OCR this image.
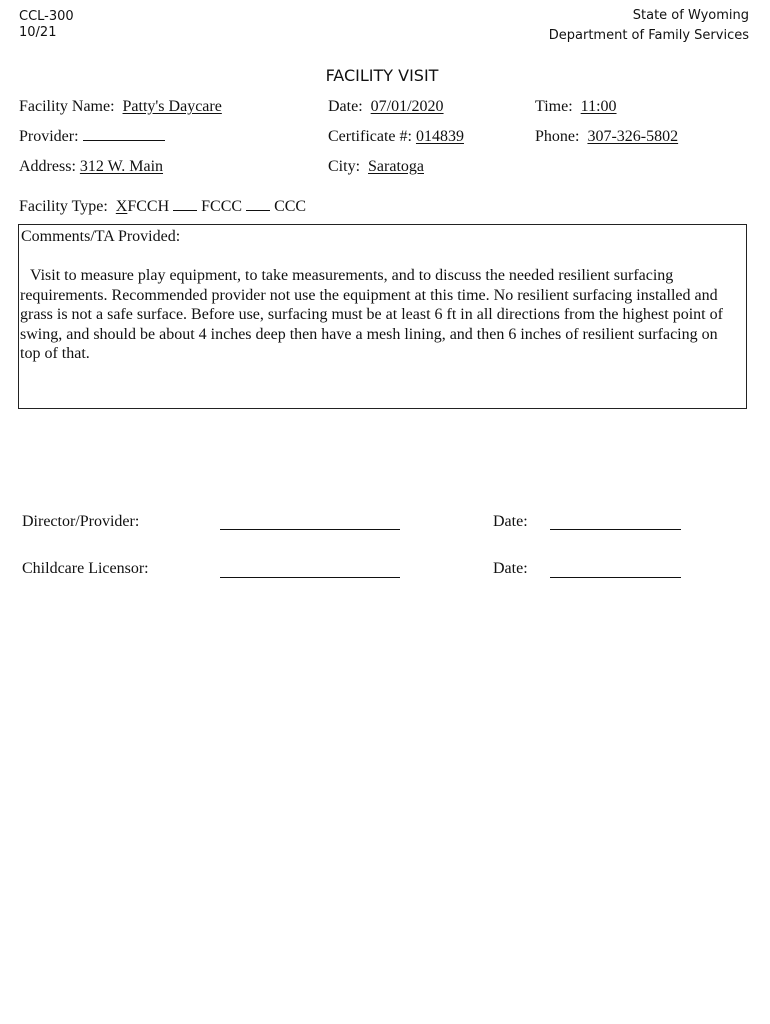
CCL-300
10/21
State of Wyoming
Department of Family Services
FACILITY VISIT
Facility Name: Patty's Daycare	Date: 07/01/2020	Time: 11:00
Provider:	Certificate #: 014839	Phone: 307-326-5802
Address: 312 W. Main	City: Saratoga
Facility Type: XFCCH FCCC CCC
Comments/TA Provided:
Visit to measure play equipment, to take measurements, and to discuss the needed resilient surfacing requirements. Recommended provider not use the equipment at this time. No resilient surfacing installed and grass is not a safe surface. Before use, surfacing must be at least 6 ft in all directions from the highest point of swing, and should be about 4 inches deep then have a mesh lining, and then 6 inches of resilient surfacing on top of that.
Director/Provider:	Date:
Childcare Licensor:	Date:
